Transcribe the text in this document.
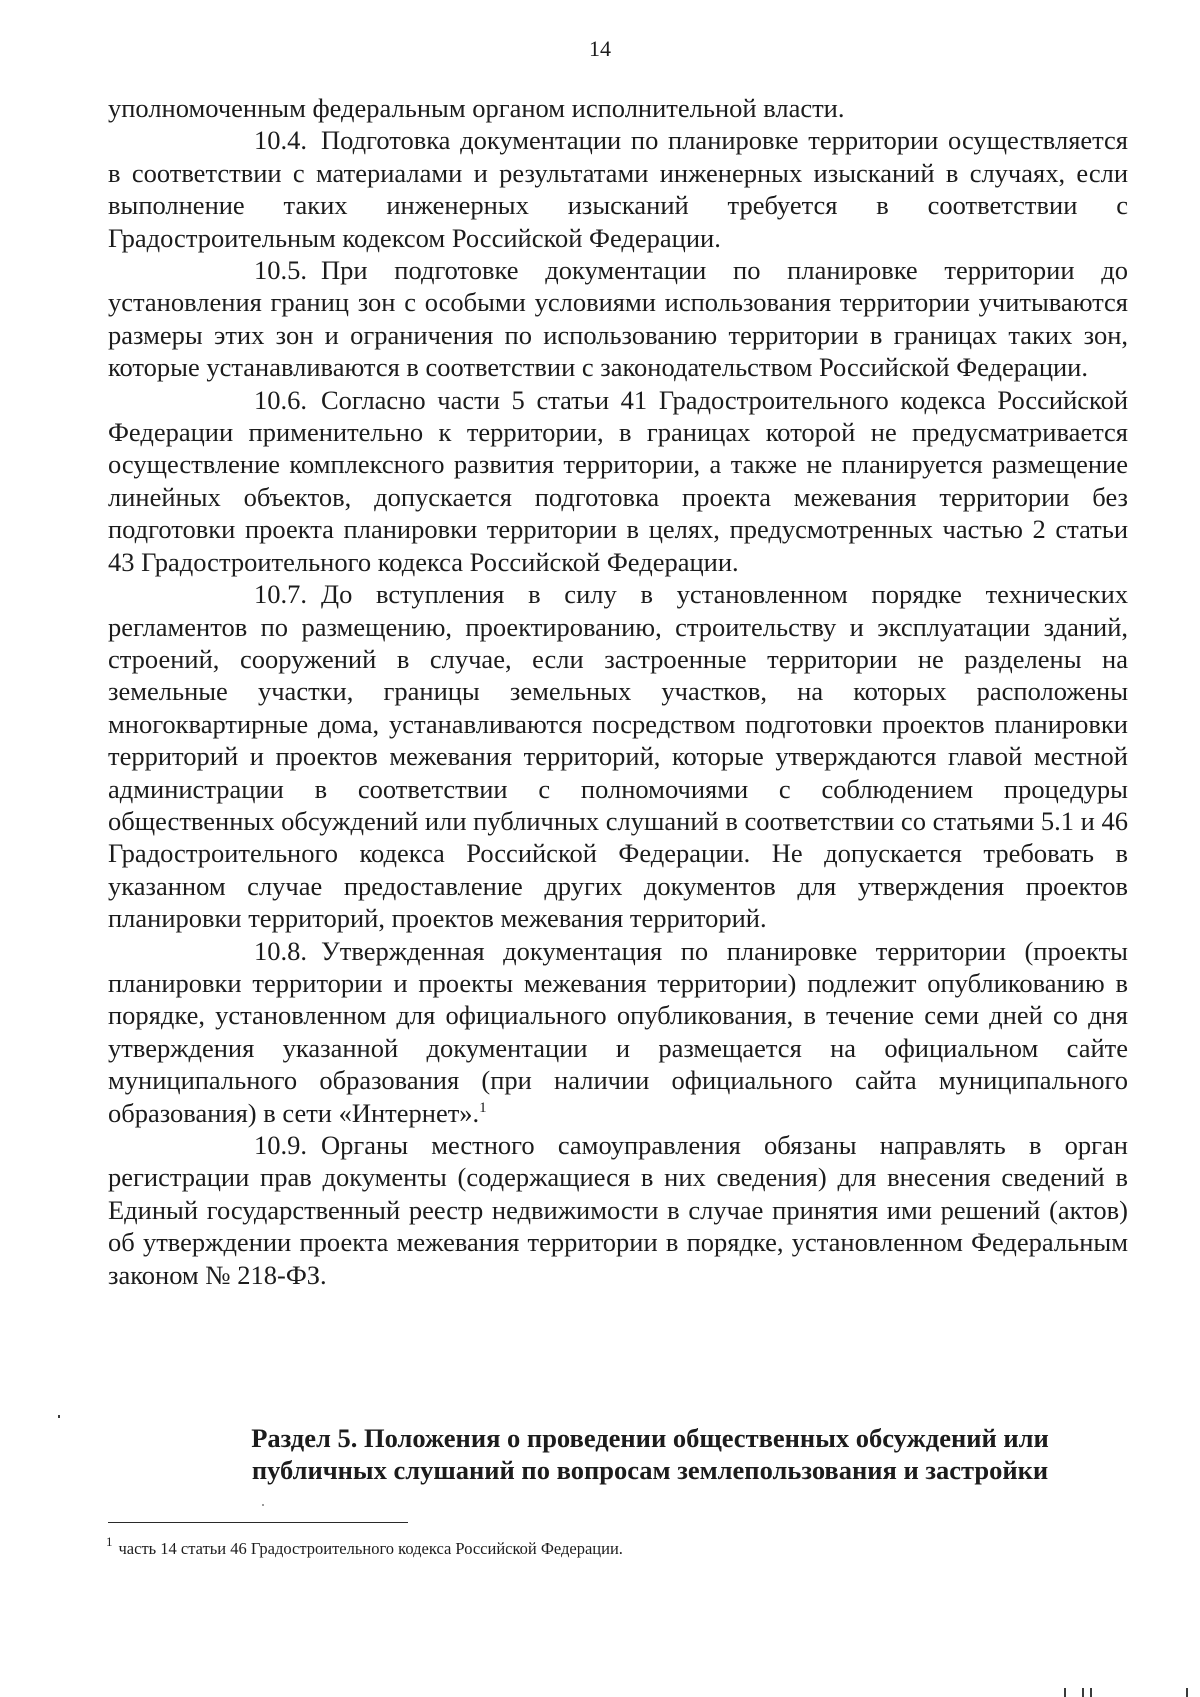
14

уполномоченным федеральным органом исполнительной власти.

10.4. Подготовка документации по планировке территории осуществляется в соответствии с материалами и результатами инженерных изысканий в случаях, если выполнение таких инженерных изысканий требуется в соответствии с Градостроительным кодексом Российской Федерации.

10.5. При подготовке документации по планировке территории до установления границ зон с особыми условиями использования территории учитываются размеры этих зон и ограничения по использованию территории в границах таких зон, которые устанавливаются в соответствии с законодательством Российской Федерации.

10.6. Согласно части 5 статьи 41 Градостроительного кодекса Российской Федерации применительно к территории, в границах которой не предусматривается осуществление комплексного развития территории, а также не планируется размещение линейных объектов, допускается подготовка проекта межевания территории без подготовки проекта планировки территории в целях, предусмотренных частью 2 статьи 43 Градостроительного кодекса Российской Федерации.

10.7. До вступления в силу в установленном порядке технических регламентов по размещению, проектированию, строительству и эксплуатации зданий, строений, сооружений в случае, если застроенные территории не разделены на земельные участки, границы земельных участков, на которых расположены многоквартирные дома, устанавливаются посредством подготовки проектов планировки территорий и проектов межевания территорий, которые утверждаются главой местной администрации в соответствии с полномочиями с соблюдением процедуры общественных обсуждений или публичных слушаний в соответствии со статьями 5.1 и 46 Градостроительного кодекса Российской Федерации. Не допускается требовать в указанном случае предоставление других документов для утверждения проектов планировки территорий, проектов межевания территорий.

10.8. Утвержденная документация по планировке территории (проекты планировки территории и проекты межевания территории) подлежит опубликованию в порядке, установленном для официального опубликования, в течение семи дней со дня утверждения указанной документации и размещается на официальном сайте муниципального образования (при наличии официального сайта муниципального образования) в сети «Интернет».$^1$

10.9. Органы местного самоуправления обязаны направлять в орган регистрации прав документы (содержащиеся в них сведения) для внесения сведений в Единый государственный реестр недвижимости в случае принятия ими решений (актов) об утверждении проекта межевания территории в порядке, установленном Федеральным законом № 218-ФЗ.

Раздел 5. Положения о проведении общественных обсуждений или
публичных слушаний по вопросам землепользования и застройки
$^1$ часть 14 статьи 46 Градостроительного кодекса Российской Федерации.
